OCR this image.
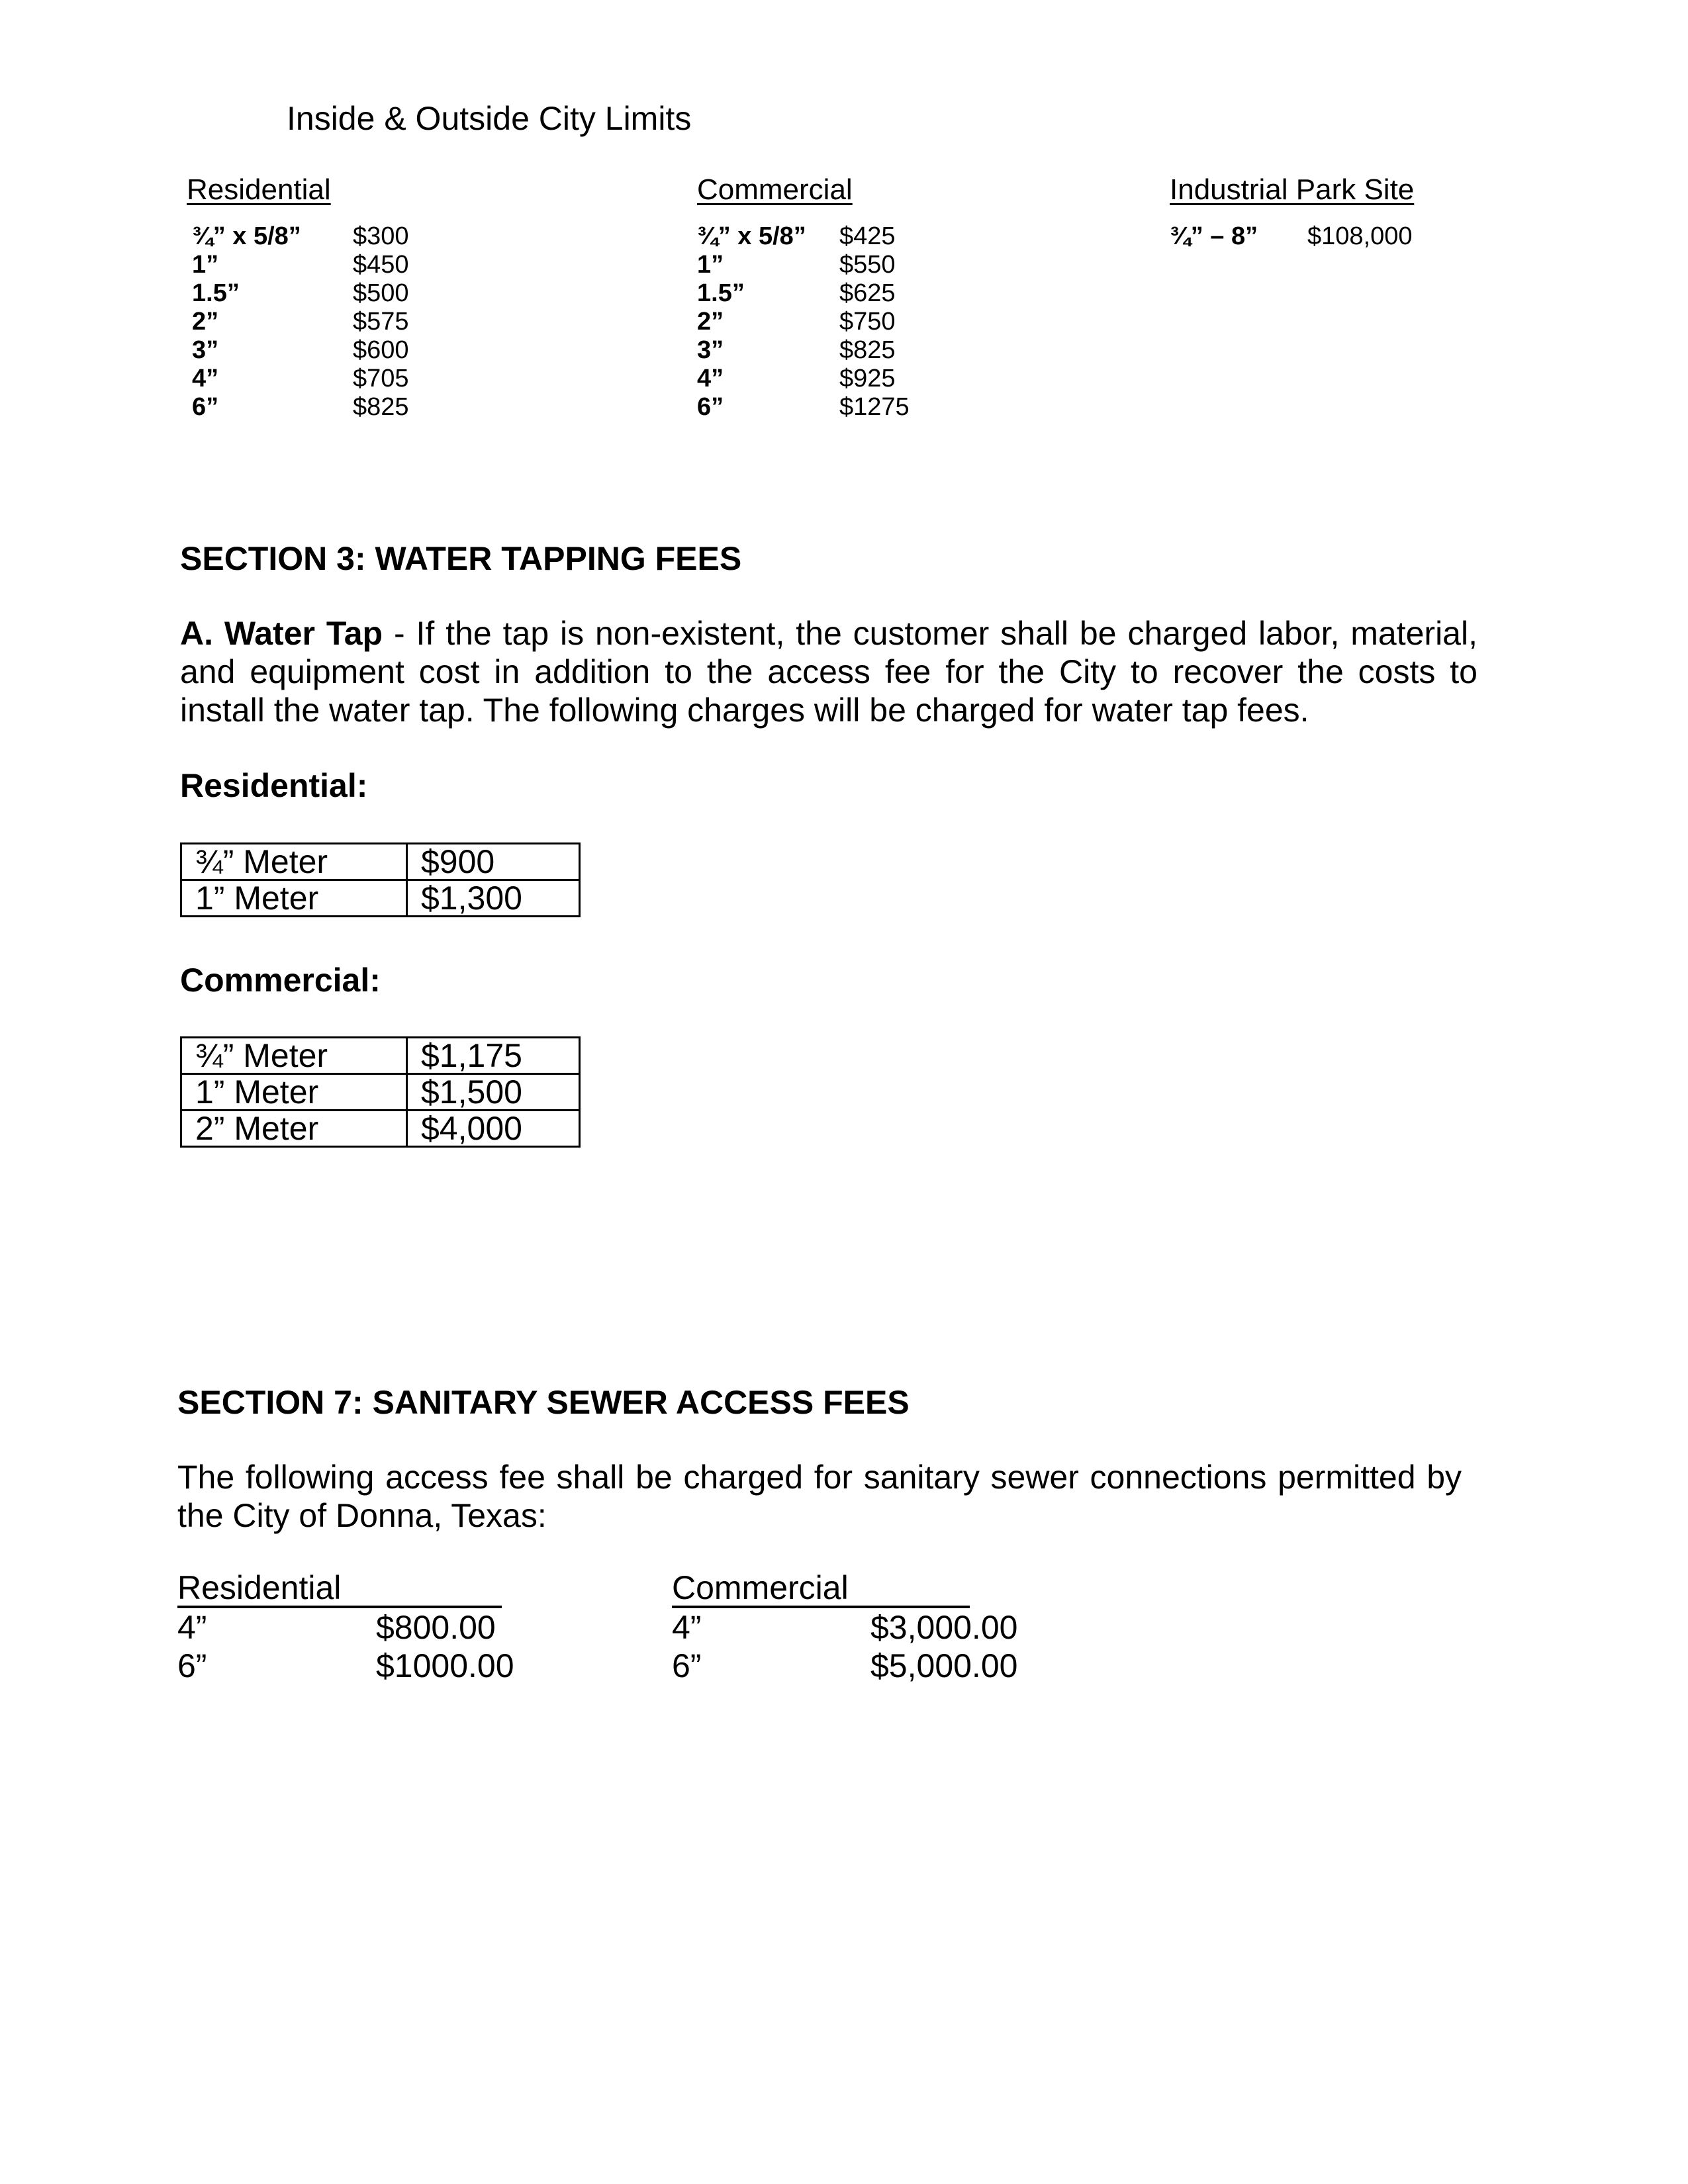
Inside & Outside City Limits
Residential	Commercial	Industrial Park Site
¾” x 5/8”	$300
1”	$450
1.5”	$500
2”	$575
3”	$600
4”	$705
6”	$825
¾” x 5/8”	$425
1”	$550
1.5”	$625
2”	$750
3”	$825
4”	$925
6”	$1275
¾” – 8”	$108,000
SECTION 3: WATER TAPPING FEES
A. Water Tap - If the tap is non-existent, the customer shall be charged labor, material, and equipment cost in addition to the access fee for the City to recover the costs to install the water tap. The following charges will be charged for water tap fees.
Residential:
¾” Meter	$900
1” Meter	$1,300
Commercial:
¾” Meter	$1,175
1” Meter	$1,500
2” Meter	$4,000
SECTION 7: SANITARY SEWER ACCESS FEES
The following access fee shall be charged for sanitary sewer connections permitted by the City of Donna, Texas:
Residential
4”	$800.00
6”	$1000.00
Commercial
4”	$3,000.00
6”	$5,000.00
